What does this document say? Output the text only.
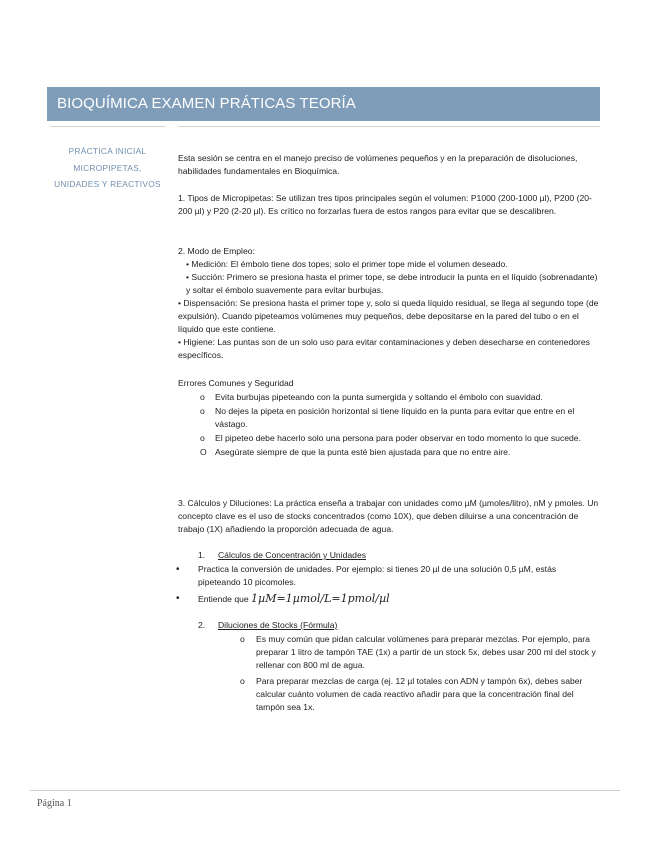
BIOQUÍMICA EXAMEN PRÁTICAS TEORÍA
PRÁCTICA INICIAL MICROPIPETAS, UNIDADES Y REACTIVOS

Esta sesión se centra en el manejo preciso de volúmenes pequeños y en la preparación de disoluciones, habilidades fundamentales en Bioquímica.

1. Tipos de Micropipetas: Se utilizan tres tipos principales según el volumen: P1000 (200-1000 µl), P200 (20-200 µl) y P20 (2-20 µl). Es crítico no forzarlas fuera de estos rangos para evitar que se descalibren.

2. Modo de Empleo:

• Medición: El émbolo tiene dos topes; solo el primer tope mide el volumen deseado.

• Succión: Primero se presiona hasta el primer tope, se debe introducir la punta en el líquido (sobrenadante) y soltar el émbolo suavemente para evitar burbujas.

• Dispensación: Se presiona hasta el primer tope y, solo si queda líquido residual, se llega al segundo tope (de expulsión). Cuando pipeteamos volúmenes muy pequeños, debe depositarse en la pared del tubo o en el líquido que este contiene.

• Higiene: Las puntas son de un solo uso para evitar contaminaciones y deben desecharse en contenedores específicos.

Errores Comunes y Seguridad

o Evita burbujas pipeteando con la punta sumergida y soltando el émbolo con suavidad.
o No dejes la pipeta en posición horizontal si tiene líquido en la punta para evitar que entre en el vástago.
o El pipeteo debe hacerlo solo una persona para poder observar en todo momento lo que sucede.
O Asegúrate siempre de que la punta esté bien ajustada para que no entre aire.

3. Cálculos y Diluciones: La práctica enseña a trabajar con unidades como µM (µmoles/litro), nM y pmoles. Un concepto clave es el uso de stocks concentrados (como 10X), que deben diluirse a una concentración de trabajo (1X) añadiendo la proporción adecuada de agua.

1. Cálculos de Concentración y Unidades

• Practica la conversión de unidades. Por ejemplo: si tienes 20 µl de una solución 0,5 µM, estás pipeteando 10 picomoles.
• Entiende que 1µM=1µmol/L=1pmol/µl

2. Diluciones de Stocks (Fórmula)

o Es muy común que pidan calcular volúmenes para preparar mezclas. Por ejemplo, para preparar 1 litro de tampón TAE (1x) a partir de un stock 5x, debes usar 200 ml del stock y rellenar con 800 ml de agua.
o Para preparar mezclas de carga (ej. 12 µl totales con ADN y tampón 6x), debes saber calcular cuánto volumen de cada reactivo añadir para que la concentración final del tampón sea 1x.
Página 1
